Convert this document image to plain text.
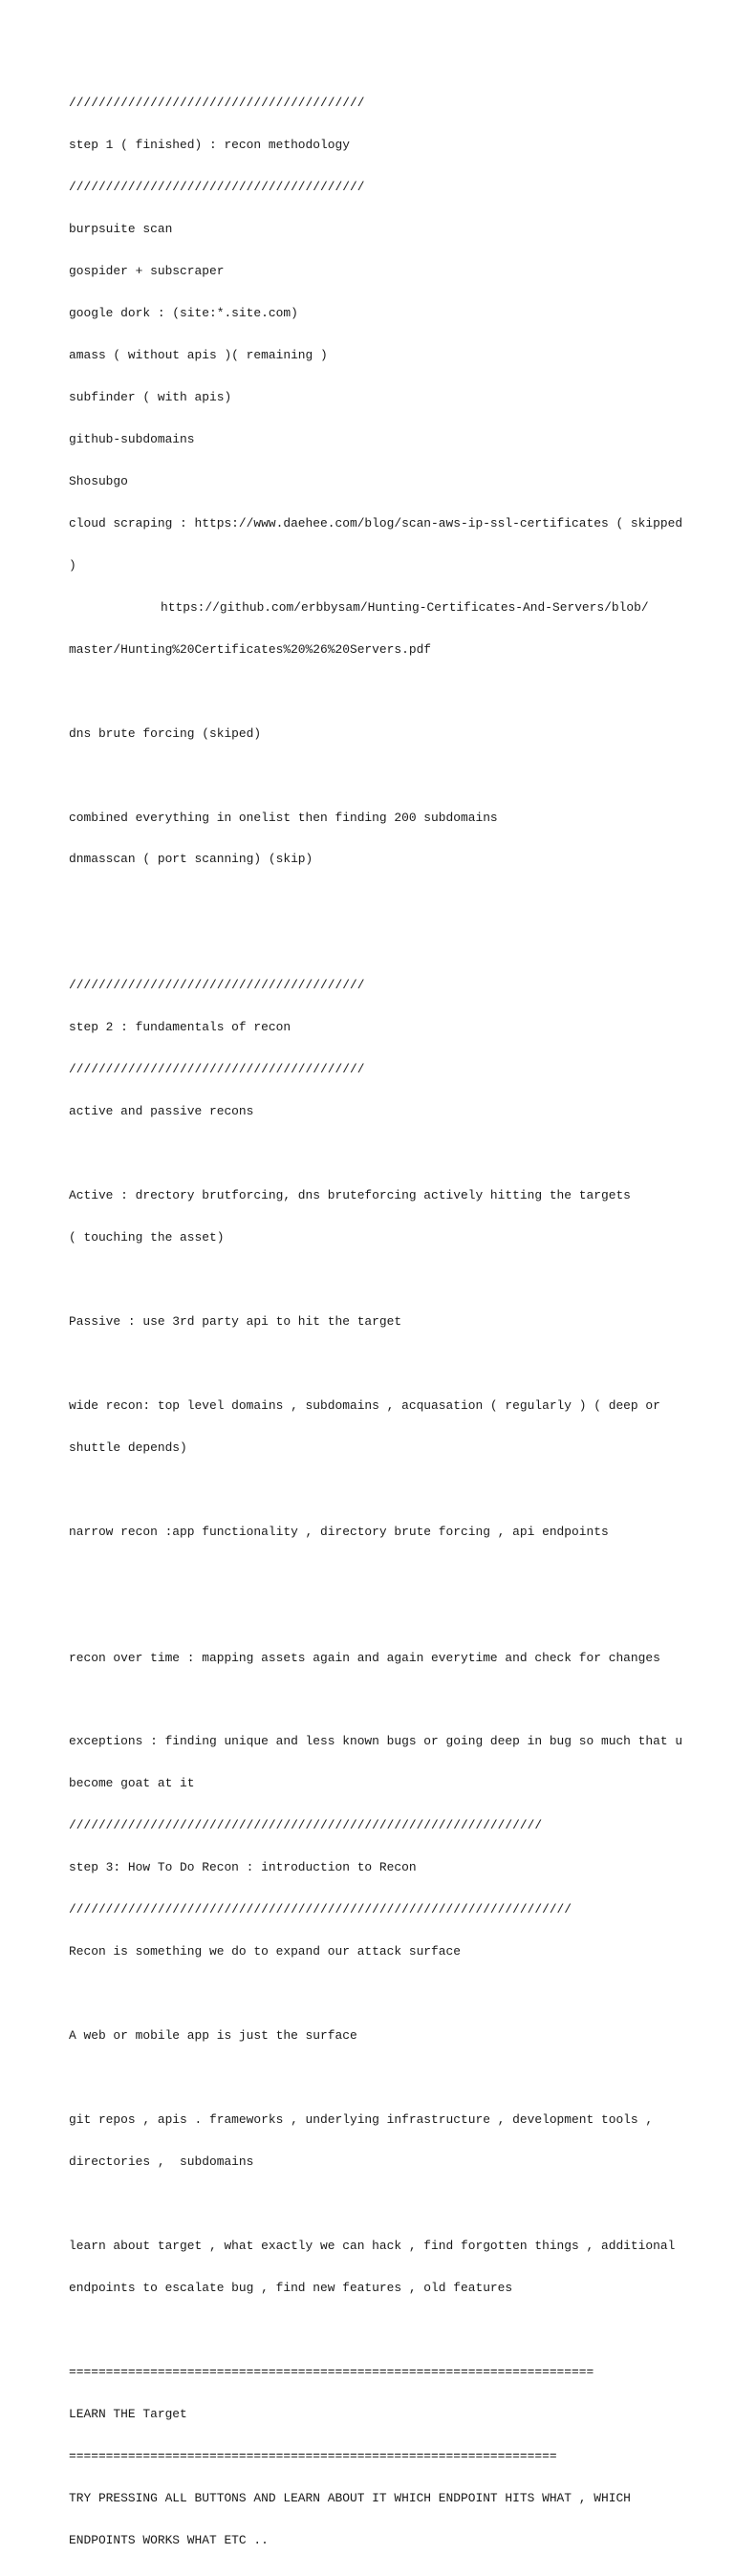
////////////////////////////////////////

step 1 ( finished) : recon methodology

////////////////////////////////////////

burpsuite scan

gospider + subscraper

google dork : (site:*.site.com)

amass ( without apis )( remaining )

subfinder ( with apis)

github-subdomains

Shosubgo

cloud scraping : https://www.daehee.com/blog/scan-aws-ip-ssl-certificates ( skipped

)

https://github.com/erbbysam/Hunting-Certificates-And-Servers/blob/

master/Hunting%20Certificates%20%26%20Servers.pdf

dns brute forcing (skiped)

combined everything in onelist then finding 200 subdomains

dnmasscan ( port scanning) (skip)

////////////////////////////////////////

step 2 : fundamentals of recon

////////////////////////////////////////

active and passive recons

Active : drectory brutforcing, dns bruteforcing actively hitting the targets

( touching the asset)

Passive : use 3rd party api to hit the target

wide recon: top level domains , subdomains , acquasation ( regularly ) ( deep or

shuttle depends)

narrow recon :app functionality , directory brute forcing , api endpoints

recon over time : mapping assets again and again everytime and check for changes

exceptions : finding unique and less known bugs or going deep in bug so much that u

become goat at it

////////////////////////////////////////////////////////////////

step 3: How To Do Recon : introduction to Recon

////////////////////////////////////////////////////////////////////

Recon is something we do to expand our attack surface

A web or mobile app is just the surface

git repos , apis . frameworks , underlying infrastructure , development tools ,

directories ,  subdomains

learn about target , what exactly we can hack , find forgotten things , additional

endpoints to escalate bug , find new features , old features

=======================================================================

LEARN THE Target

==================================================================

TRY PRESSING ALL BUTTONS AND LEARN ABOUT IT WHICH ENDPOINT HITS WHAT , WHICH

ENDPOINTS WORKS WHAT ETC ..
